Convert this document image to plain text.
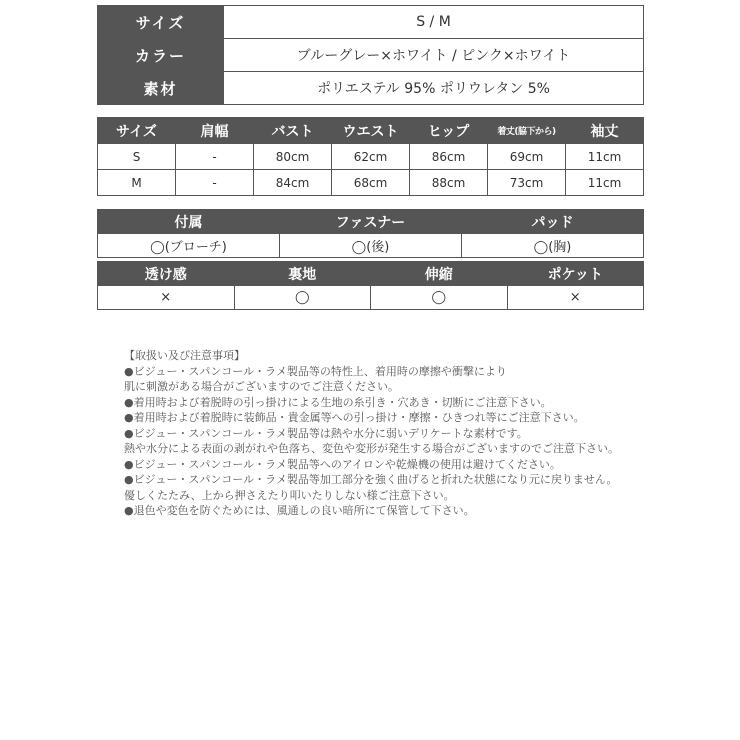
サイズ	S / M
カラー	ブルーグレー×ホワイト / ピンク×ホワイト
素材	ポリエステル 95% ポリウレタン 5%
サイズ	肩幅	バスト	ウエスト	ヒップ	着丈(脇下から)	袖丈
S	-	80cm	62cm	86cm	69cm	11cm
M	-	84cm	68cm	88cm	73cm	11cm
付属	ファスナー	パッド
◯(ブローチ)	◯(後)	◯(胸)
透け感	裏地	伸縮	ポケット
×	◯	◯	×
【取扱い及び注意事項】
●ビジュー・スパンコール・ラメ製品等の特性上、着用時の摩擦や衝撃により
肌に刺激がある場合がございますのでご注意ください。
●着用時および着脱時の引っ掛けによる生地の糸引き・穴あき・切断にご注意下さい。
●着用時および着脱時に装飾品・貴金属等への引っ掛け・摩擦・ひきつれ等にご注意下さい。
●ビジュー・スパンコール・ラメ製品等は熱や水分に弱いデリケートな素材です。
熱や水分による表面の剥がれや色落ち、変色や変形が発生する場合がございますのでご注意下さい。
●ビジュー・スパンコール・ラメ製品等へのアイロンや乾燥機の使用は避けてください。
●ビジュー・スパンコール・ラメ製品等加工部分を強く曲げると折れた状態になり元に戻りません。
優しくたたみ、上から押さえたり叩いたりしない様ご注意下さい。
●退色や変色を防ぐためには、風通しの良い暗所にて保管して下さい。
